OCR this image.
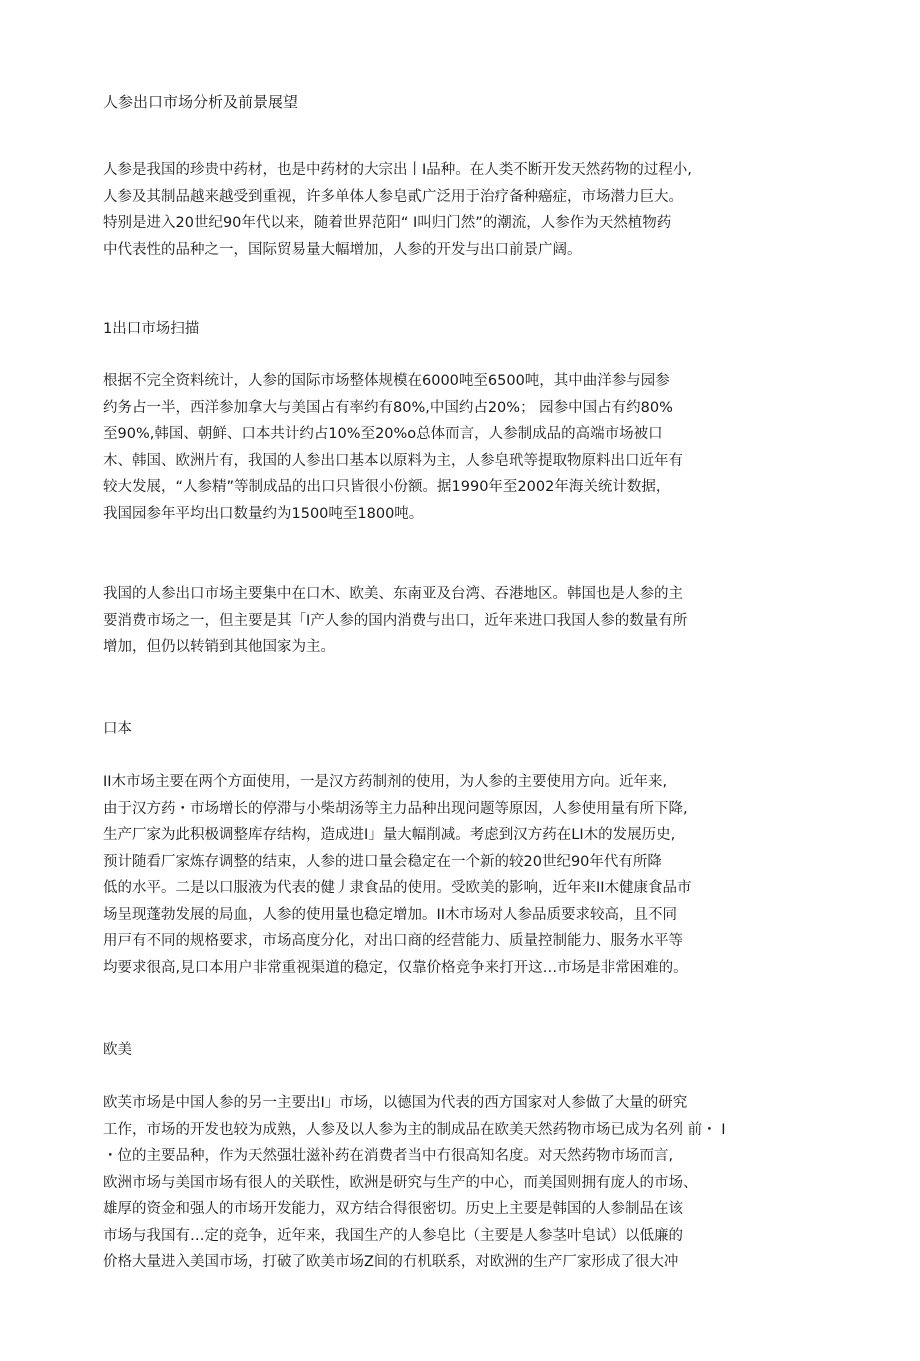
人参出口市场分析及前景展望
人参是我国的珍贵中药材，也是中药材的大宗出丨I品种。在人类不断开发天然药物的过程小,
人参及其制品越来越受到重视，许多单体人参皂貳广泛用于治疗备种癌症，市场潜力巨大。
特别是进入20世纪90年代以来，随着世界范阳“ I叫归门然”的潮流，人参作为天然植物药
中代表性的品种之一，国际贸易量大幅增加，人参的开发与出口前景广阔。
1出口市场扫描
根据不完全资料统计，人参的国际市场整体规模在6000吨至6500吨，其中曲洋参与园参
约务占一半，西洋参加拿大与美国占有率约有80%,中国约占20%； 园参中国占有约80%
至90%,韩国、朝鲜、口本共计约占10%至20%o总体而言，人参制成品的高端市场被口
木、韩国、欧洲片有，我国的人参出口基本以原料为主，人参皂玳等提取物原料出口近年有
较大发展，“人参精”等制成品的出口只皆很小份额。据1990年至2002年海关统计数据，
我国园参年平均出口数量约为1500吨至1800吨。
我国的人参出口市场主要集中在口木、欧美、东南亚及台湾、吞港地区。韩国也是人参的主
要消费市场之一，但主要是其「I产人参的国内消费与出口，近年来进口我国人参的数量有所
增加，但仍以转销到其他国家为主。
口本
II木市场主要在两个方面使用，一是汉方药制剂的使用，为人参的主要使用方向。近年来,
由于汉方药・市场增长的停滞与小柴胡汤等主力品种出现问题等原因，人参使用量有所下降,
生产厂家为此积极调整库存结构，造成进I」量大幅削减。考虑到汉方药在LI木的发展历史,
预计随看厂家炼存调整的结束，人参的进口量会稳定在一个新的较20世纪90年代有所降
低的水平。二是以口服液为代表的健丿隶食品的使用。受欧美的影响，近年来II木健康食品市
场呈现蓬勃发展的局血，人参的使用量也稳定增加。II木市场对人参品质要求较高，且不同
用戸有不同的规格要求，市场高度分化，对出口商的经营能力、质量控制能力、服务水平等
均要求很高,見口本用户非常重视渠道的稳定，仅靠价格竞争来打开这…市场是非常困难的。
欧美
欧芙市场是中国人参的另一主要出I」市场，以德国为代表的西方国家对人参做了大量的研究
工作，市场的开发也较为成熟，人参及以人参为主的制成品在欧美天然药物市场已成为名列 前・ I
・位的主要品种，作为天然强壮滋补药在消费者当中冇很高知名度。对天然药物市场而言,
欧洲市场与美国市场有很人的关联性，欧洲是研究与生产的中心，而美国则拥有庞人的市场、
雄厚的资金和强人的市场开发能力，双方结合得很密切。历史上主要是韩国的人参制品在该
市场与我国有…定的竞争，近年来，我国生产的人参皂比（主要是人参茎叶皂试）以低廉的
价格大量进入美国市场，打破了欧美市场Z间的冇机联系，对欧洲的生产厂家形成了很大冲
